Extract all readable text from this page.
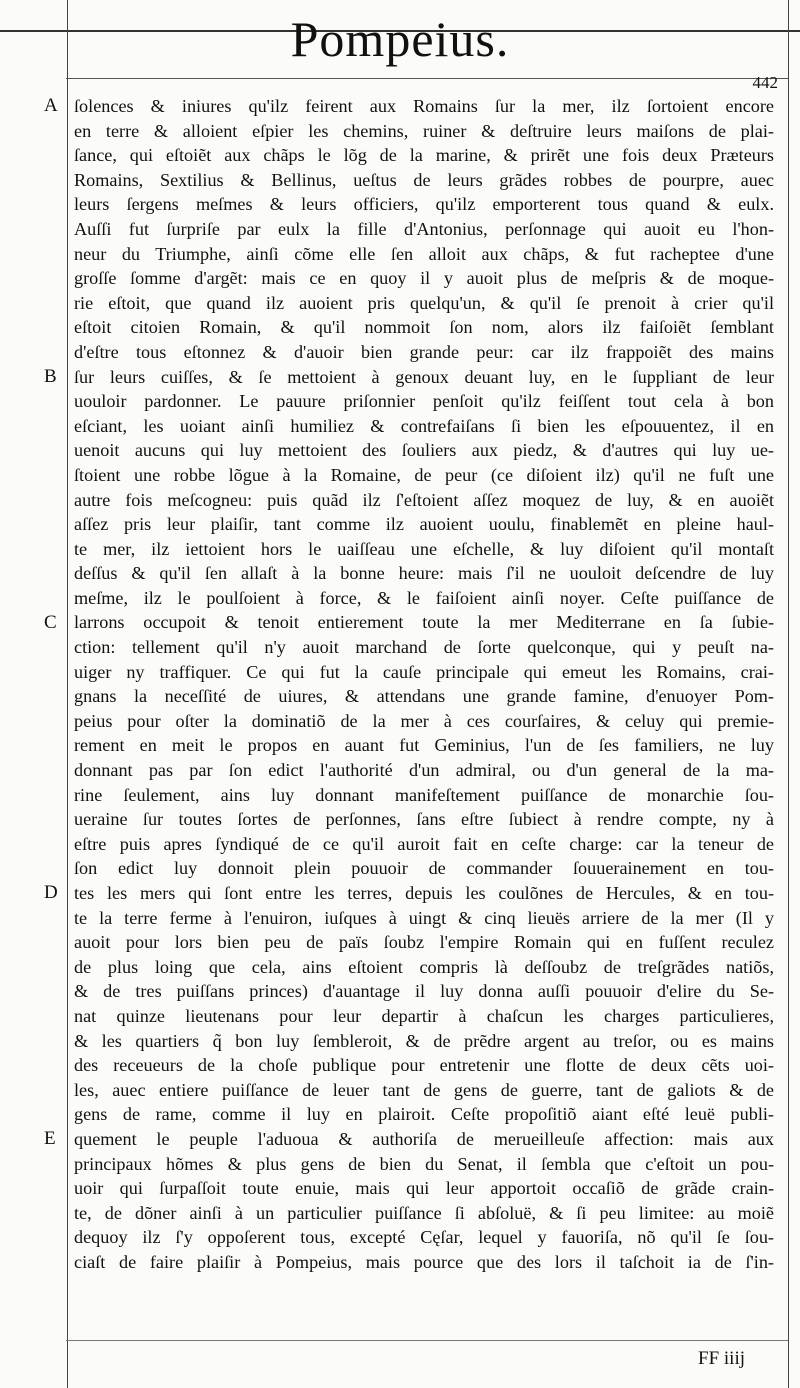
Pompeius.
442
A
B
C
D
E
ſolences & iniures qu'ilz feirent aux Romains ſur la mer, ilz ſortoient encore
en terre & alloient eſpier les chemins, ruiner & deſtruire leurs maiſons de plai-
ſance, qui eſtoiẽt aux chãps le lõg de la marine, & prirẽt une fois deux Præteurs
Romains, Sextilius & Bellinus, ueſtus de leurs grãdes robbes de pourpre, auec
leurs ſergens meſmes & leurs officiers, qu'ilz emporterent tous quand & eulx.
Auſſi fut ſurpriſe par eulx la fille d'Antonius, perſonnage qui auoit eu l'hon-
neur du Triumphe, ainſi cõme elle ſen alloit aux chãps, & fut racheptee d'une
groſſe ſomme d'argẽt: mais ce en quoy il y auoit plus de meſpris & de moque-
rie eſtoit, que quand ilz auoient pris quelqu'un, & qu'il ſe prenoit à crier qu'il
eſtoit citoien Romain, & qu'il nommoit ſon nom, alors ilz faiſoiẽt ſemblant
d'eſtre tous eſtonnez & d'auoir bien grande peur: car ilz frappoiẽt des mains
ſur leurs cuiſſes, & ſe mettoient à genoux deuant luy, en le ſuppliant de leur
uouloir pardonner. Le pauure priſonnier penſoit qu'ilz feiſſent tout cela à bon
eſciant, les uoiant ainſi humiliez & contrefaiſans ſi bien les eſpouuentez, il en
uenoit aucuns qui luy mettoient des ſouliers aux piedz, & d'autres qui luy ue-
ſtoient une robbe lõgue à la Romaine, de peur (ce diſoient ilz) qu'il ne fuſt une
autre fois meſcogneu: puis quãd ilz ſ'eſtoient aſſez moquez de luy, & en auoiẽt
aſſez pris leur plaiſir, tant comme ilz auoient uoulu, finablemẽt en pleine haul-
te mer, ilz iettoient hors le uaiſſeau une eſchelle, & luy diſoient qu'il montaſt
deſſus & qu'il ſen allaſt à la bonne heure: mais ſ'il ne uouloit deſcendre de luy
meſme, ilz le poulſoient à force, & le faiſoient ainſi noyer. Ceſte puiſſance de
larrons occupoit & tenoit entierement toute la mer Mediterrane en ſa ſubie-
ction: tellement qu'il n'y auoit marchand de ſorte quelconque, qui y peuſt na-
uiger ny traffiquer. Ce qui fut la cauſe principale qui emeut les Romains, crai-
gnans la neceſſité de uiures, & attendans une grande famine, d'enuoyer Pom-
peius pour oſter la dominatiõ de la mer à ces courſaires, & celuy qui premie-
rement en meit le propos en auant fut Geminius, l'un de ſes familiers, ne luy
donnant pas par ſon edict l'authorité d'un admiral, ou d'un general de la ma-
rine ſeulement, ains luy donnant manifeſtement puiſſance de monarchie ſou-
ueraine ſur toutes ſortes de perſonnes, ſans eſtre ſubiect à rendre compte, ny à
eſtre puis apres ſyndiqué de ce qu'il auroit fait en ceſte charge: car la teneur de
ſon edict luy donnoit plein pouuoir de commander ſouuerainement en tou-
tes les mers qui ſont entre les terres, depuis les coulõnes de Hercules, & en tou-
te la terre ferme à l'enuiron, iuſques à uingt & cinq lieuës arriere de la mer (Il y
auoit pour lors bien peu de païs ſoubz l'empire Romain qui en fuſſent reculez
de plus loing que cela, ains eſtoient compris là deſſoubz de treſgrãdes natiõs,
& de tres puiſſans princes) d'auantage il luy donna auſſi pouuoir d'elire du Se-
nat quinze lieutenans pour leur departir à chaſcun les charges particulieres,
& les quartiers q̃ bon luy ſembleroit, & de prẽdre argent au treſor, ou es mains
des receueurs de la choſe publique pour entretenir une flotte de deux cẽts uoi-
les, auec entiere puiſſance de leuer tant de gens de guerre, tant de galiots & de
gens de rame, comme il luy en plairoit. Ceſte propoſitiõ aiant eſté leuë publi-
quement le peuple l'aduoua & authoriſa de merueilleuſe affection: mais aux
principaux hõmes & plus gens de bien du Senat, il ſembla que c'eſtoit un pou-
uoir qui ſurpaſſoit toute enuie, mais qui leur apportoit occaſiõ de grãde crain-
te, de dõner ainſi à un particulier puiſſance ſi abſoluë, & ſi peu limitee: au moiẽ
dequoy ilz ſ'y oppoſerent tous, excepté Cęſar, lequel y fauoriſa, nõ qu'il ſe ſou-
ciaſt de faire plaiſir à Pompeius, mais pource que des lors il taſchoit ia de ſ'in-
FF iiij
